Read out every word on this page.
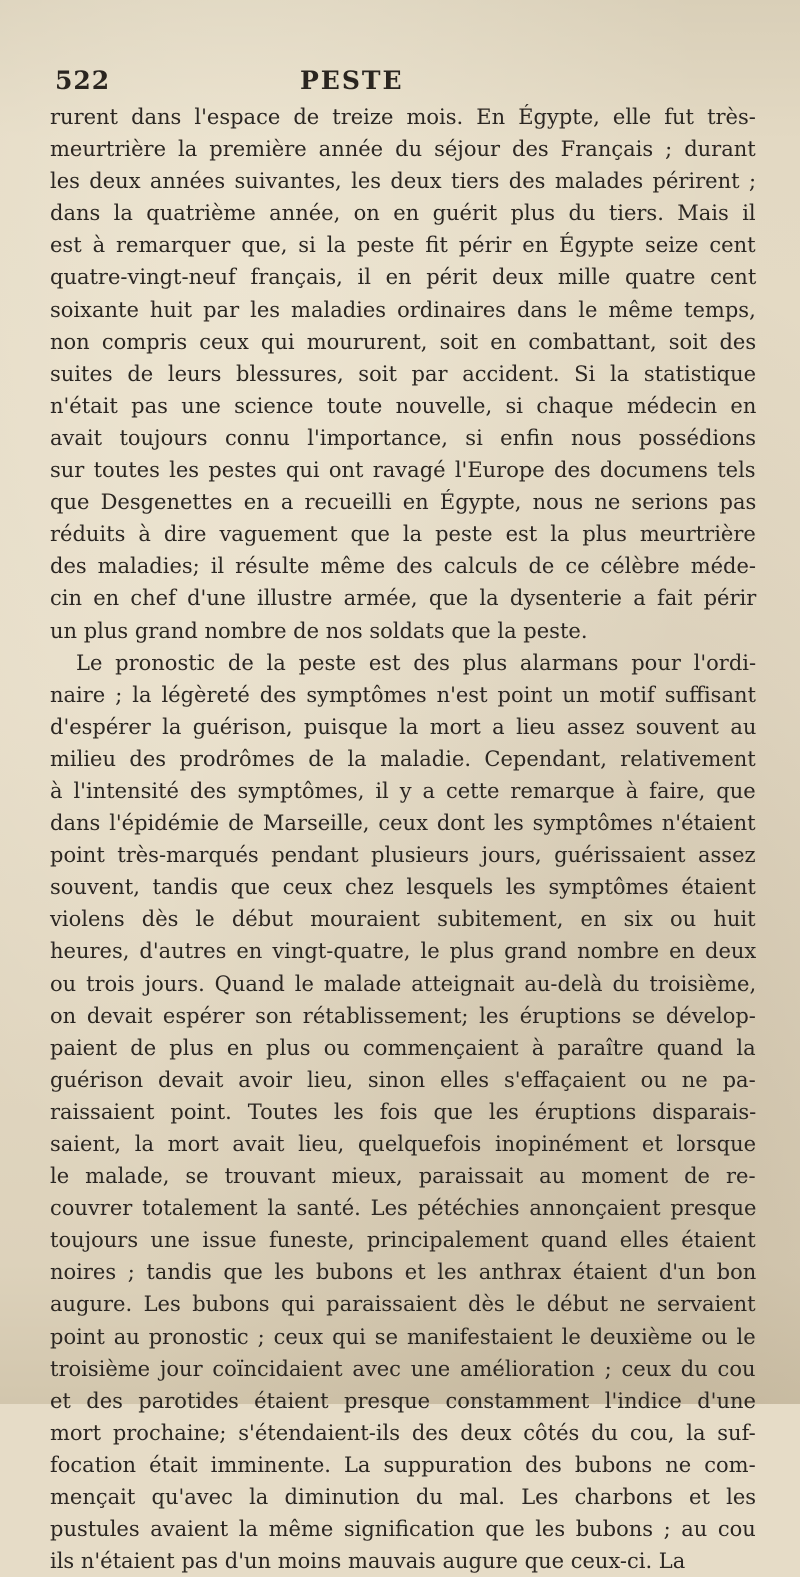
522	PESTE
rurent dans l'espace de treize mois. En Égypte, elle fut très-
meurtrière la première année du séjour des Français ; durant
les deux années suivantes, les deux tiers des malades périrent ;
dans la quatrième année, on en guérit plus du tiers. Mais il
est à remarquer que, si la peste fit périr en Égypte seize cent
quatre-vingt-neuf français, il en périt deux mille quatre cent
soixante huit par les maladies ordinaires dans le même temps,
non compris ceux qui moururent, soit en combattant, soit des
suites de leurs blessures, soit par accident. Si la statistique
n'était pas une science toute nouvelle, si chaque médecin en
avait toujours connu l'importance, si enfin nous possédions
sur toutes les pestes qui ont ravagé l'Europe des documens tels
que Desgenettes en a recueilli en Égypte, nous ne serions pas
réduits à dire vaguement que la peste est la plus meurtrière
des maladies; il résulte même des calculs de ce célèbre méde-
cin en chef d'une illustre armée, que la dysenterie a fait périr
un plus grand nombre de nos soldats que la peste.
Le pronostic de la peste est des plus alarmans pour l'ordi-
naire ; la légèreté des symptômes n'est point un motif suffisant
d'espérer la guérison, puisque la mort a lieu assez souvent au
milieu des prodrômes de la maladie. Cependant, relativement
à l'intensité des symptômes, il y a cette remarque à faire, que
dans l'épidémie de Marseille, ceux dont les symptômes n'étaient
point très-marqués pendant plusieurs jours, guérissaient assez
souvent, tandis que ceux chez lesquels les symptômes étaient
violens dès le début mouraient subitement, en six ou huit
heures, d'autres en vingt-quatre, le plus grand nombre en deux
ou trois jours. Quand le malade atteignait au-delà du troisième,
on devait espérer son rétablissement; les éruptions se dévelop-
paient de plus en plus ou commençaient à paraître quand la
guérison devait avoir lieu, sinon elles s'effaçaient ou ne pa-
raissaient point. Toutes les fois que les éruptions disparais-
saient, la mort avait lieu, quelquefois inopinément et lorsque
le malade, se trouvant mieux, paraissait au moment de re-
couvrer totalement la santé. Les pétéchies annonçaient presque
toujours une issue funeste, principalement quand elles étaient
noires ; tandis que les bubons et les anthrax étaient d'un bon
augure. Les bubons qui paraissaient dès le début ne servaient
point au pronostic ; ceux qui se manifestaient le deuxième ou le
troisième jour coïncidaient avec une amélioration ; ceux du cou
et des parotides étaient presque constamment l'indice d'une
mort prochaine; s'étendaient-ils des deux côtés du cou, la suf-
focation était imminente. La suppuration des bubons ne com-
mençait qu'avec la diminution du mal. Les charbons et les
pustules avaient la même signification que les bubons ; au cou
ils n'étaient pas d'un moins mauvais augure que ceux-ci. La
